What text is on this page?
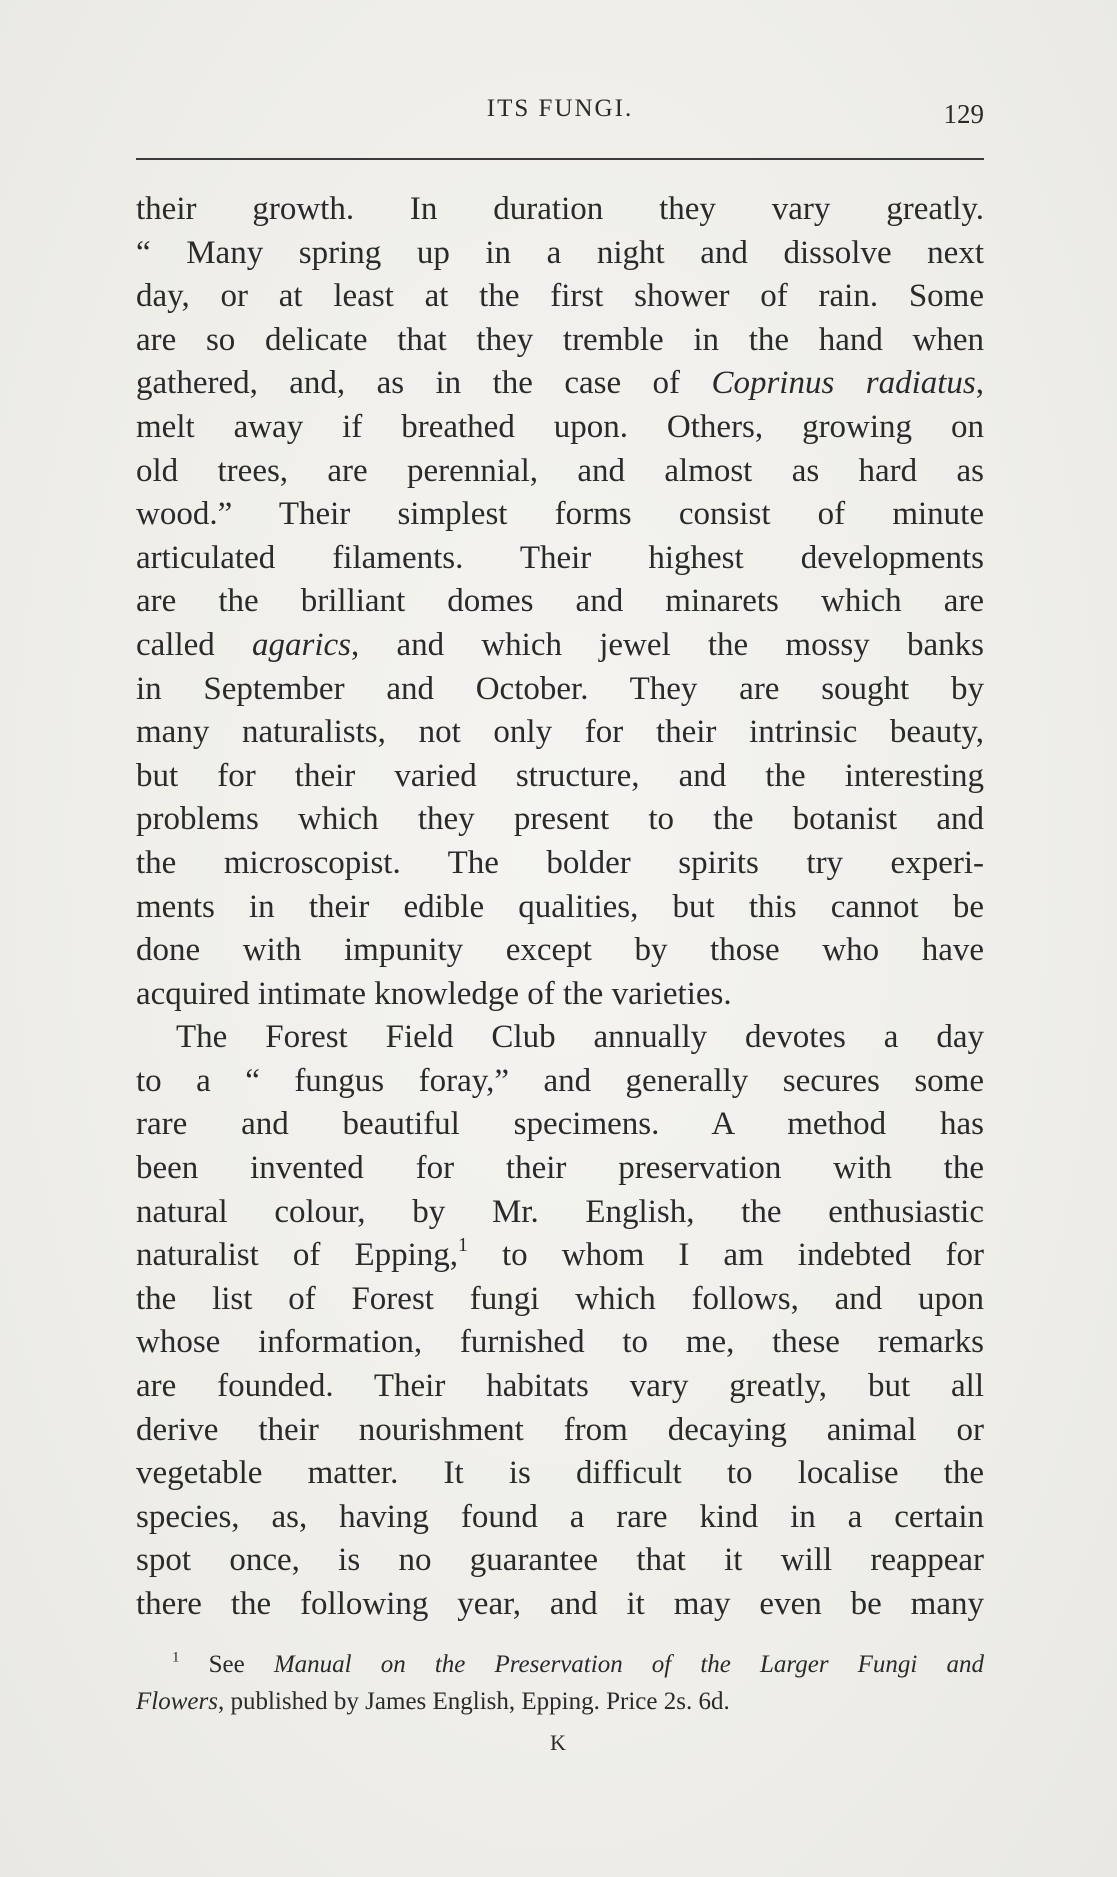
ITS FUNGI.	129
their growth. In duration they vary greatly.
“ Many spring up in a night and dissolve next
day, or at least at the first shower of rain. Some
are so delicate that they tremble in the hand when
gathered, and, as in the case of Coprinus radiatus,
melt away if breathed upon. Others, growing on
old trees, are perennial, and almost as hard as
wood.” Their simplest forms consist of minute
articulated filaments. Their highest developments
are the brilliant domes and minarets which are
called agarics, and which jewel the mossy banks
in September and October. They are sought by
many naturalists, not only for their intrinsic beauty,
but for their varied structure, and the interesting
problems which they present to the botanist and
the microscopist. The bolder spirits try experi-
ments in their edible qualities, but this cannot be
done with impunity except by those who have
acquired intimate knowledge of the varieties.
The Forest Field Club annually devotes a day
to a “ fungus foray,” and generally secures some
rare and beautiful specimens. A method has
been invented for their preservation with the
natural colour, by Mr. English, the enthusiastic
naturalist of Epping,$^1$ to whom I am indebted for
the list of Forest fungi which follows, and upon
whose information, furnished to me, these remarks
are founded. Their habitats vary greatly, but all
derive their nourishment from decaying animal or
vegetable matter. It is difficult to localise the
species, as, having found a rare kind in a certain
spot once, is no guarantee that it will reappear
there the following year, and it may even be many
$^1$ See Manual on the Preservation of the Larger Fungi and
Flowers, published by James English, Epping. Price 2s. 6d.
K
